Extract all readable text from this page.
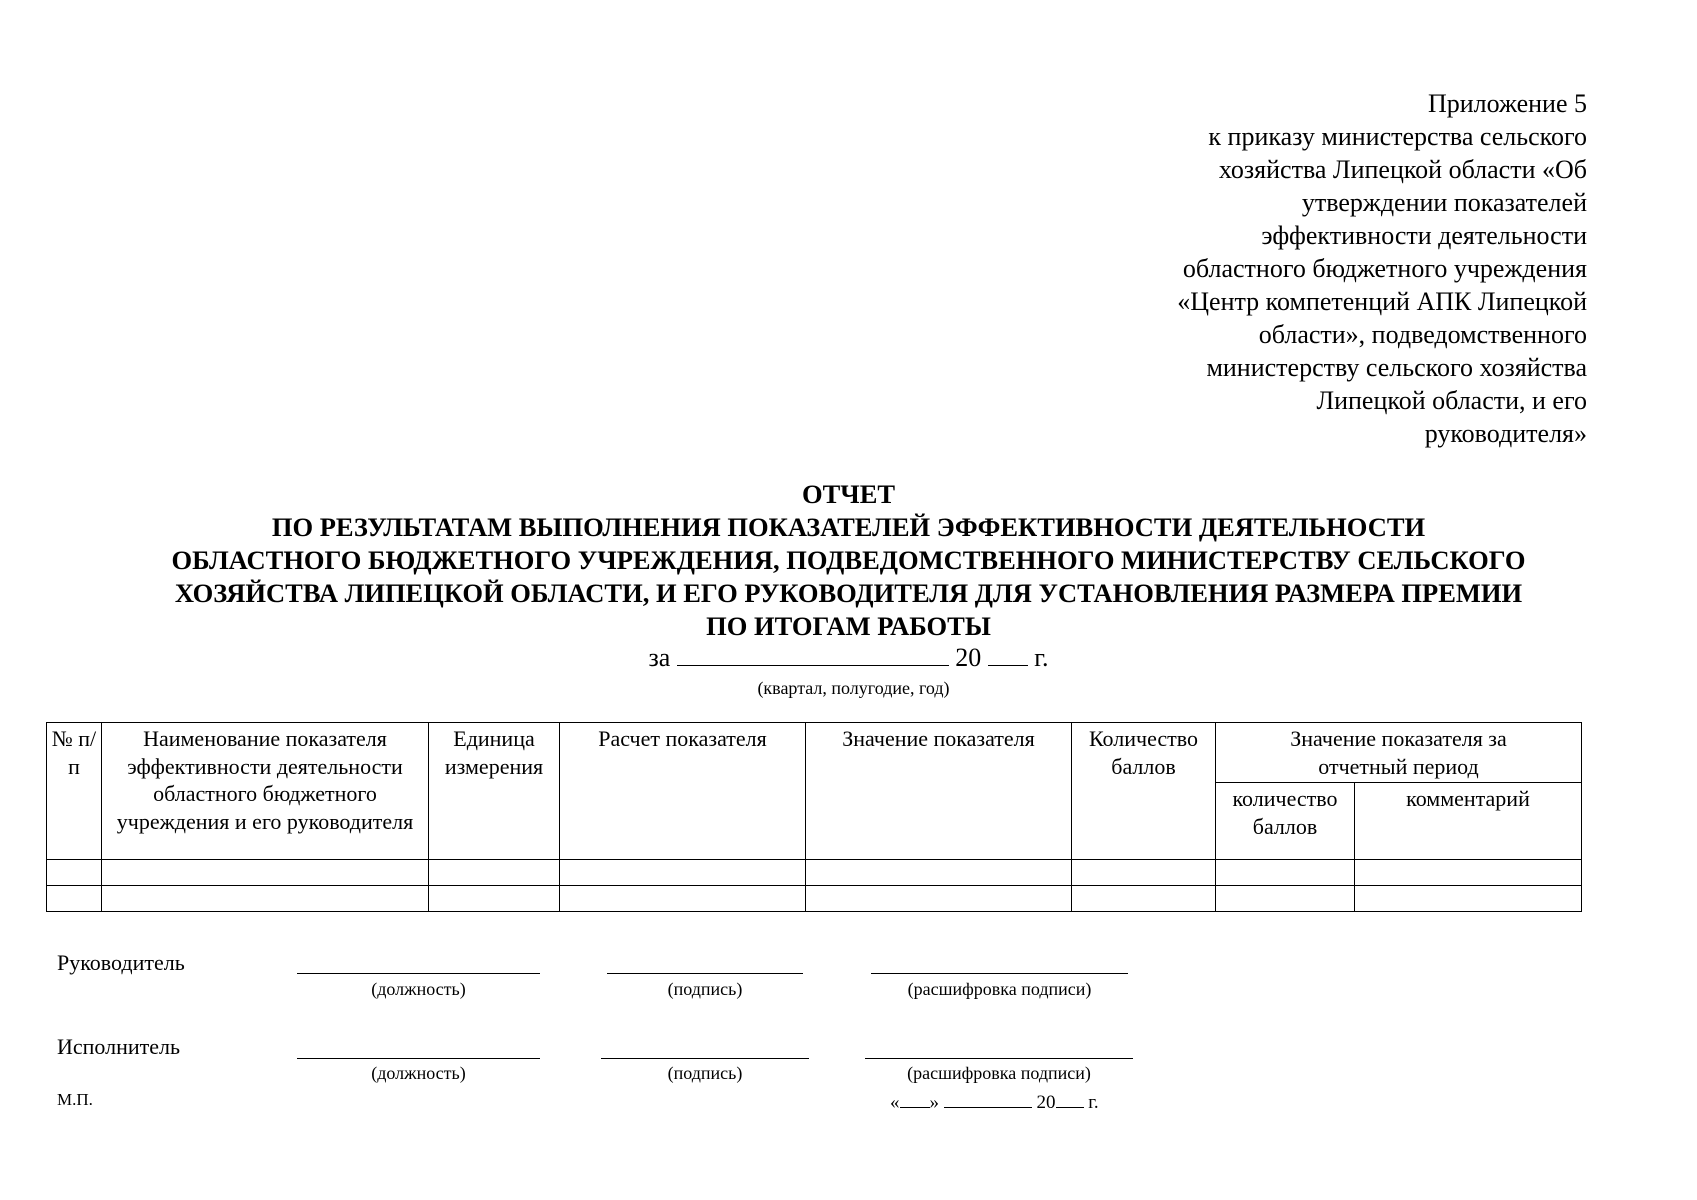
Приложение 5
к приказу министерства сельского
хозяйства Липецкой области «Об
утверждении показателей
эффективности деятельности
областного бюджетного учреждения
«Центр компетенций АПК Липецкой
области», подведомственного
министерству сельского хозяйства
Липецкой области, и его
руководителя»
ОТЧЕТ
ПО РЕЗУЛЬТАТАМ ВЫПОЛНЕНИЯ ПОКАЗАТЕЛЕЙ ЭФФЕКТИВНОСТИ ДЕЯТЕЛЬНОСТИ
ОБЛАСТНОГО БЮДЖЕТНОГО УЧРЕЖДЕНИЯ, ПОДВЕДОМСТВЕННОГО МИНИСТЕРСТВУ СЕЛЬСКОГО
ХОЗЯЙСТВА ЛИПЕЦКОЙ ОБЛАСТИ, И ЕГО РУКОВОДИТЕЛЯ ДЛЯ УСТАНОВЛЕНИЯ РАЗМЕРА ПРЕМИИ
ПО ИТОГАМ РАБОТЫ
за	20 г.
(квартал, полугодие, год)
№ п/п	Наименование показателя эффективности деятельности областного бюджетного учреждения и его руководителя	Единица измерения	Расчет показателя	Значение показателя	Количество баллов	Значение показателя за отчетный период	
						количество баллов	комментарий

Руководитель
(должность)	(подпись)	(расшифровка подписи)
Исполнитель
(должность)	(подпись)	(расшифровка подписи)
М.П.	« »	20 г.
